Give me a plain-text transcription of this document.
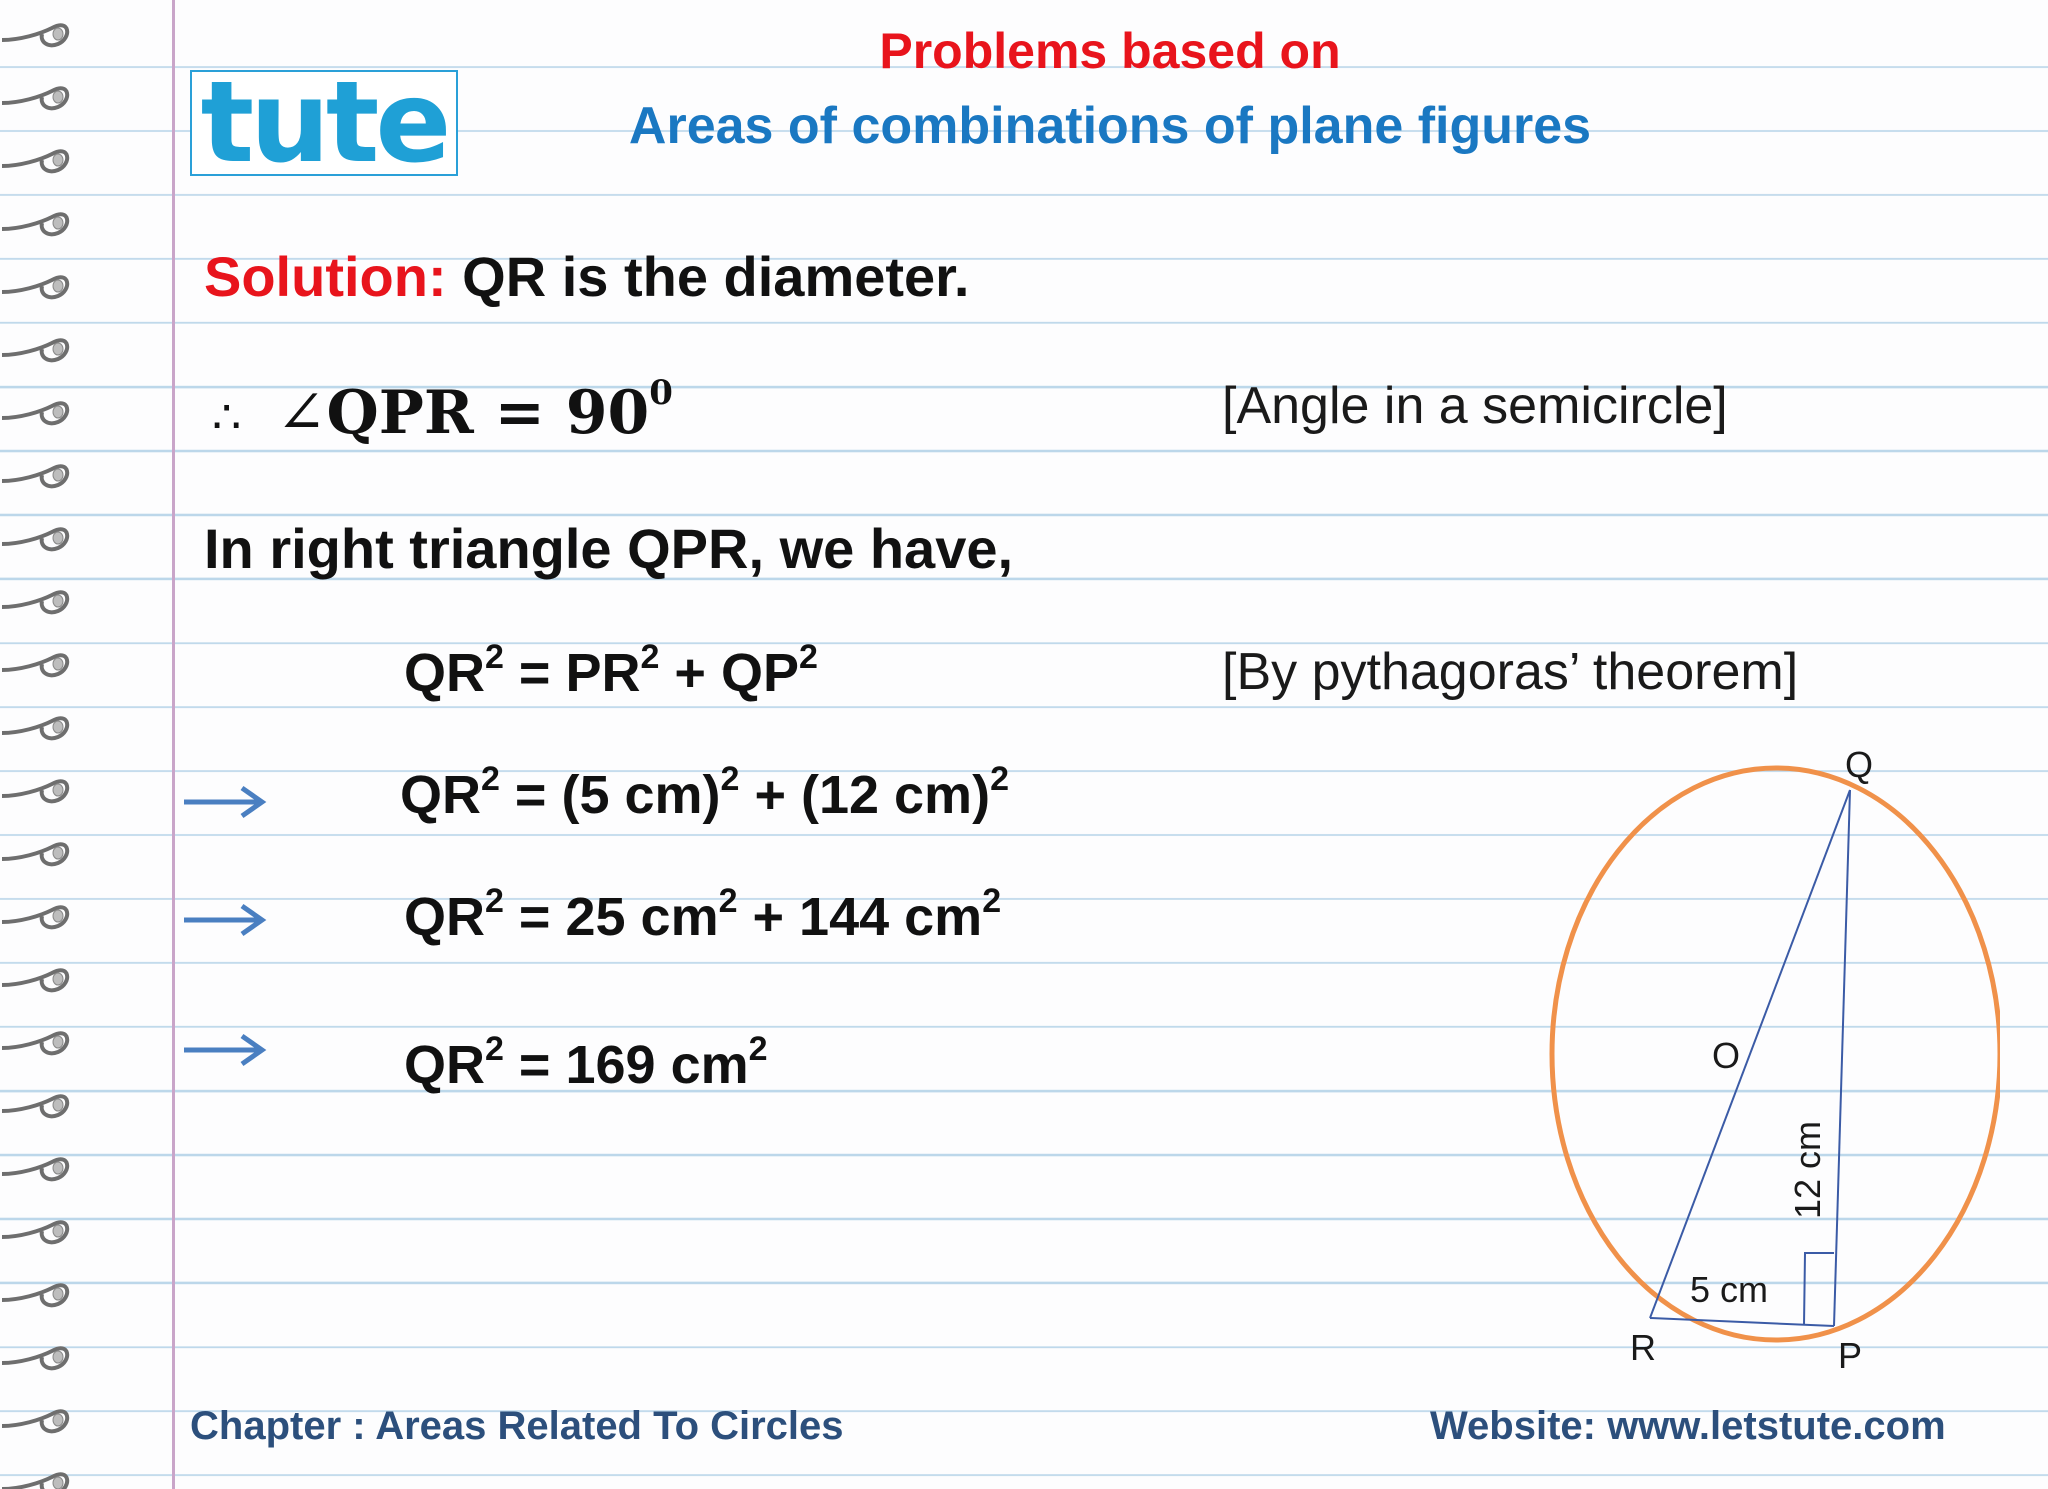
Problems based on
Areas of combinations of plane figures
tute
Solution: QR is the diameter.
∴ ∠QPR = $90^0$	[Angle in a semicircle]
In right triangle QPR, we have,
$QR^2 = PR^2 + QP^2$	[By pythagoras’ theorem]
$QR^2 = (5$ cm)$^2$ + (12 cm)$^2$
$QR^2 = 25$ $cm^2 + 144$ $cm^2$
$QR^2 = 169$ $cm^2$
Q
P
R
O
5 cm
12 cm
Chapter : Areas Related To Circles	Website: www.letstute.com
